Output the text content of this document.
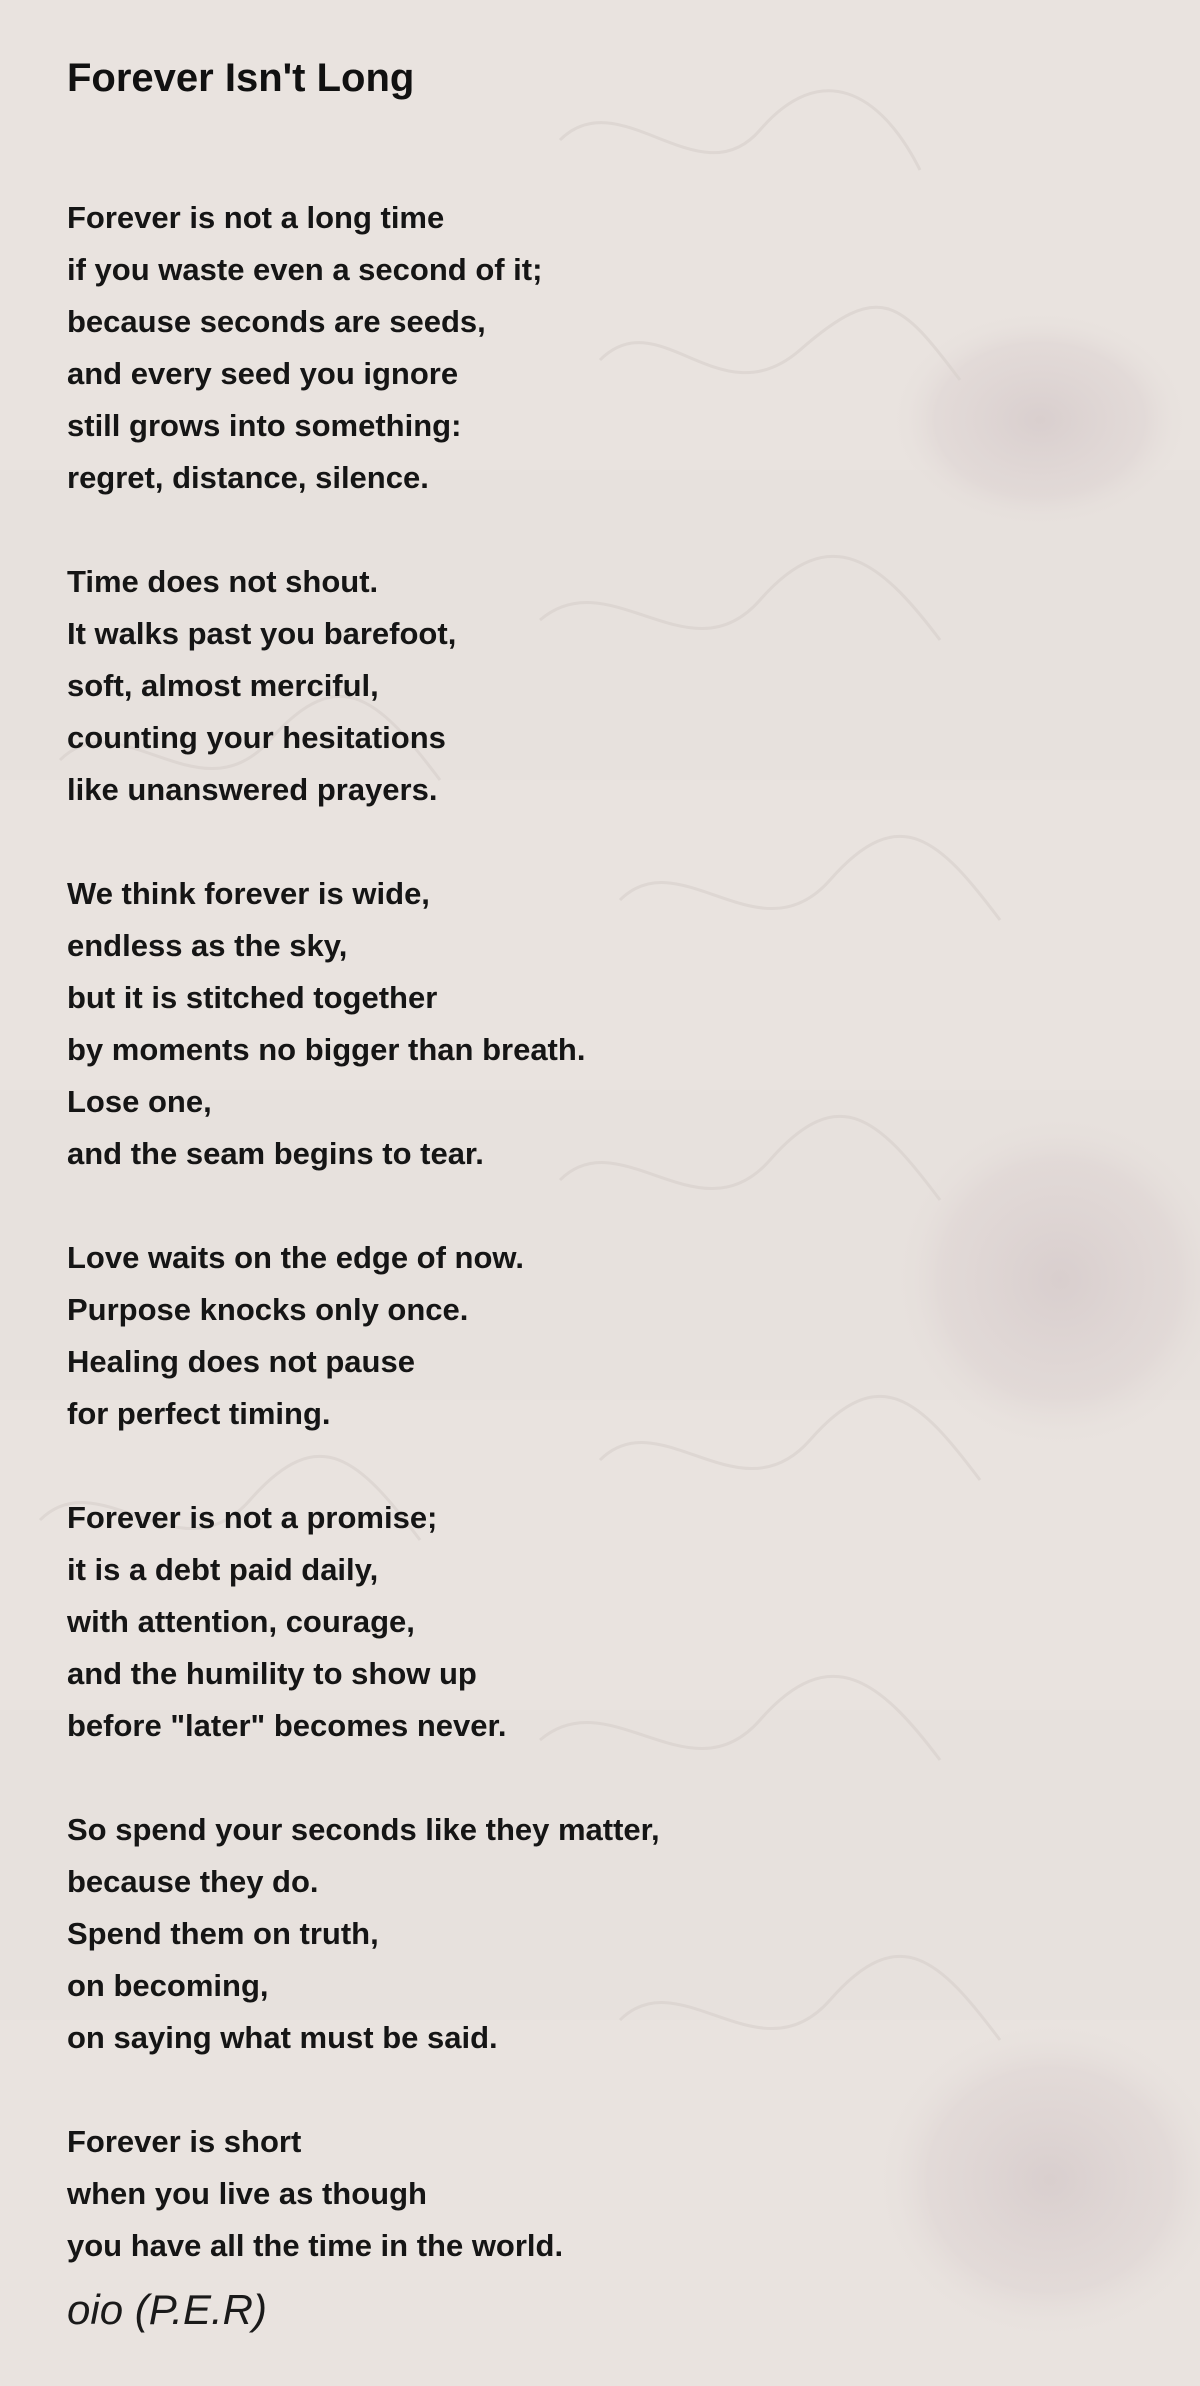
Forever Isn't Long
Forever is not a long time
if you waste even a second of it;
because seconds are seeds,
and every seed you ignore
still grows into something:
regret, distance, silence.
Time does not shout.
It walks past you barefoot,
soft, almost merciful,
counting your hesitations
like unanswered prayers.
We think forever is wide,
endless as the sky,
but it is stitched together
by moments no bigger than breath.
Lose one,
and the seam begins to tear.
Love waits on the edge of now.
Purpose knocks only once.
Healing does not pause
for perfect timing.
Forever is not a promise;
it is a debt paid daily,
with attention, courage,
and the humility to show up
before "later" becomes never.
So spend your seconds like they matter,
because they do.
Spend them on truth,
on becoming,
on saying what must be said.
Forever is short
when you live as though
you have all the time in the world.
oio (P.E.R)
